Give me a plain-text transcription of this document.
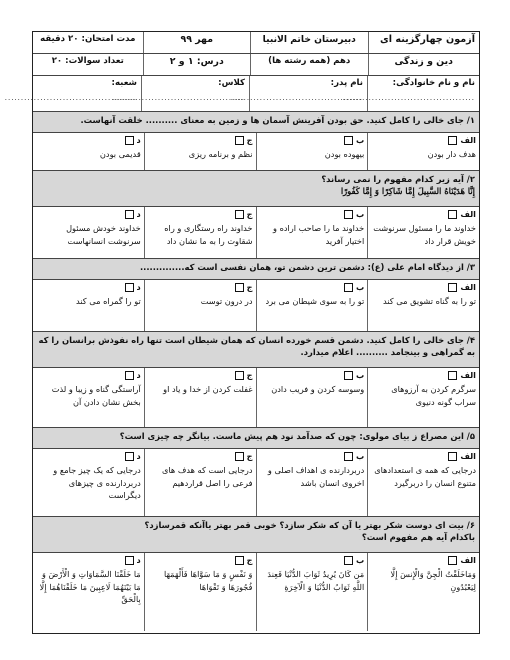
آزمون چهارگزینه ای
دبیرستان خاتم الانبیا
مهر ۹۹
مدت امتحان: ۲۰ دقیقه
دین و زندگی
دهم (همه رشته ها)
درس: ۱ و ۲
تعداد سوالات: ۲۰
نام و نام خانوادگی:
.........................................
نام پدر:
.........................................
کلاس:
.........................................
شعبه:
.........................................
۱/ جای خالی را کامل کنید. حق بودن آفرینش آسمان ها و زمین به معنای .......... خلقت آنهاست.
الف
هدف دار بودن
ب
بیهوده بودن
ج
نظم و برنامه ریزی
د
قدیمی بودن
۲/ آیه زیر کدام مفهوم را نمی رساند؟
إِنَّا هَدَيْنَاهُ السَّبِيلَ إِمَّا شَاكِرًا وَ إِمَّا كَفُورًا
الف
خداوند ما را مسئول سرنوشت خویش قرار داد
ب
خداوند ما را صاحب اراده و اختیار آفرید
ج
خداوند راه رستگاری و راه شقاوت را به ما نشان داد
د
خداوند خودش مسئول سرنوشت انسانهاست
۳/ از دیدگاه امام علی (ع): دشمن ترین دشمن تو، همان نفسی است که..............
الف
تو را به گناه تشویق می کند
ب
تو را به سوی شیطان می برد
ج
در درون توست
د
تو را گمراه می کند
۴/ جای خالی را کامل کنید. دشمن قسم خورده انسان که همان شیطان است تنها راه نفوذش برانسان را که به گمراهی و بینجامد .......... اعلام میدارد.
الف
سرگرم کردن به آرزوهای سراب گونه دنیوی
ب
وسوسه کردن و فریب دادن
ج
غفلت کردن از خدا و یاد او
د
آراستگی گناه و زیبا و لذت بخش نشان دادن آن
۵/ این مصراع ز بیای مولوی: چون که صدآمد نود هم پیش ماست. بیانگر چه چیزی است؟
الف
درجایی که همه ی استعدادهای متنوع انسان را دربرگیرد
ب
دربردارنده ی اهداف اصلی و اخروی انسان باشد
ج
درجایی است که هدف های فرعی را اصل قراردهیم
د
درجایی که یک چیز جامع و دربردارنده ی چیزهای دیگراست
۶/ بیت ای دوست شکر بهتر یا آن که شکر سازد؟ خوبی قمر بهتر یاآنکه قمرسازد؟
باکدام آیه هم مفهوم است؟
الف
وَمَاخَلَقْتُ الْجِنَّ وَالْإِنسَ إِلَّا لِيَعْبُدُونِ
ب
مَن كَانَ يُرِيدُ ثَوَابَ الدُّنْيَا فَعِندَ اللَّهِ ثَوَابُ الدُّنْيَا وَ الْآخِرَةِ
ج
وَ نَفْسٍ وَ مَا سَوَّاهَا فَأَلْهَمَهَا فُجُورَهَا وَ تَقْوَاهَا
د
مَا خَلَقْنَا السَّمَاوَاتِ وَ الْأَرْضَ وَ مَا بَيْنَهُمَا لَاعِبِينَ مَا خَلَقْنَاهُمَا إِلَّا بِالْحَقِّ
